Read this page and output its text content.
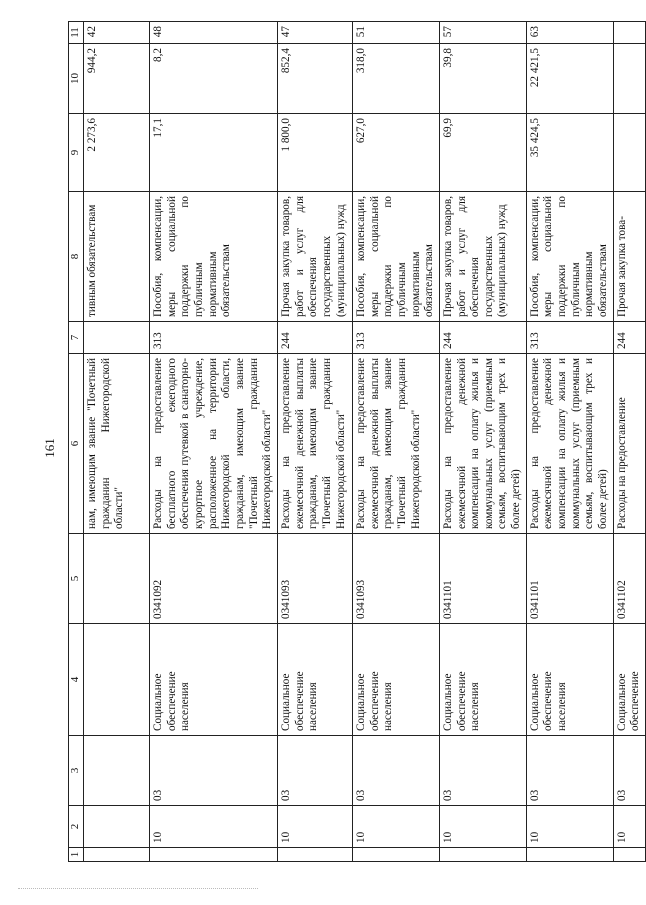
161
1	2	3	4	5	6	7	8	9	10	11
					нам, имеющим звание "Почетный гражданин Нижегородской области"		тивным обязательствам	2 273,6	944,2	42
	10	03	Социальное обеспечение населения	0341092	Расходы на предоставление бесплатного ежегодного обеспечения путевкой в санаторно-курортное учреждение, расположенное на территории Нижегородской области, гражданам, имеющим звание "Почетный гражданин Нижегородской области"	313	Пособия, компенсации, меры социальной поддержки по публичным нормативным обязательствам	17,1	8,2	48
	10	03	Социальное обеспечение населения	0341093	Расходы на предоставление ежемесячной денежной выплаты гражданам, имеющим звание "Почетный гражданин Нижегородской области"	244	Прочая закупка товаров, работ и услуг для обеспечения государственных (муниципальных) нужд	1 800,0	852,4	47
	10	03	Социальное обеспечение населения	0341093	Расходы на предоставление ежемесячной денежной выплаты гражданам, имеющим звание "Почетный гражданин Нижегородской области"	313	Пособия, компенсации, меры социальной поддержки по публичным нормативным обязательствам	627,0	318,0	51
	10	03	Социальное обеспечение населения	0341101	Расходы на предоставление ежемесячной денежной компенсации на оплату жилья и коммунальных услуг (приемным семьям, воспитывающим трех и более детей)	244	Прочая закупка товаров, работ и услуг для обеспечения государственных (муниципальных) нужд	69,9	39,8	57
	10	03	Социальное обеспечение населения	0341101	Расходы на предоставление ежемесячной денежной компенсации на оплату жилья и коммунальных услуг (приемным семьям, воспитывающим трех и более детей)	313	Пособия, компенсации, меры социальной поддержки по публичным нормативным обязательствам	35 424,5	22 421,5	63
	10	03	Социальное обеспечение	0341102	Расходы на предоставление	244	Прочая закупка това-			
